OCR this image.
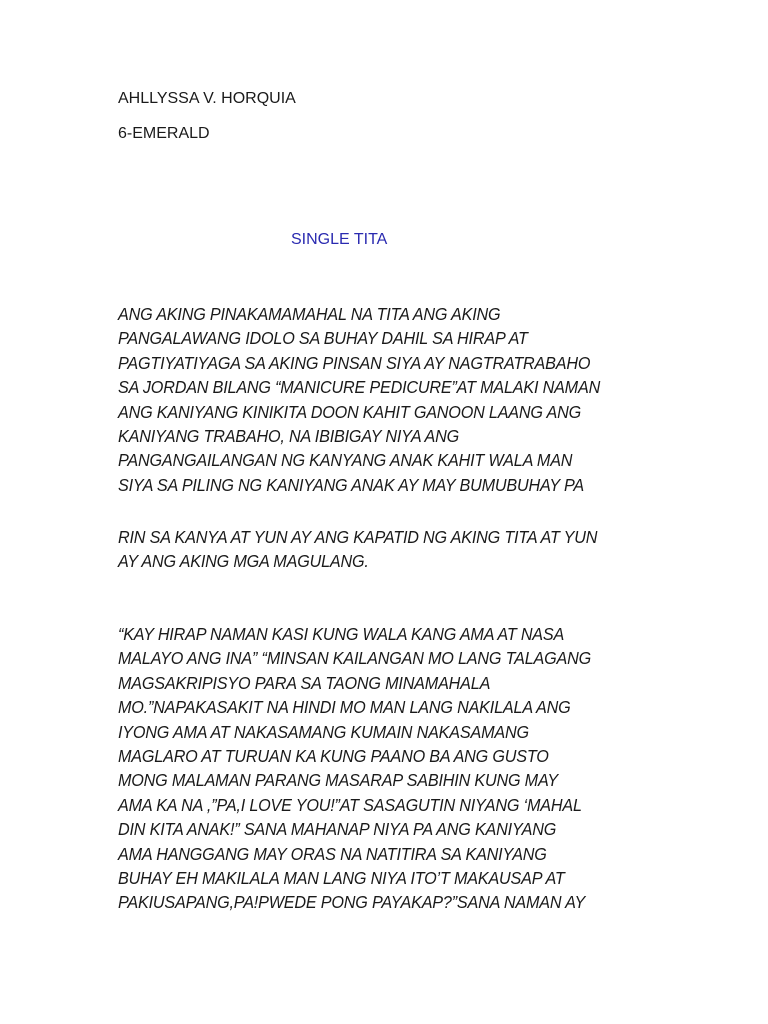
AHLLYSSA V. HORQUIA
6-EMERALD
SINGLE TITA
ANG AKING PINAKAMAMAHAL NA TITA ANG AKING
PANGALAWANG IDOLO SA BUHAY DAHIL SA HIRAP AT
PAGTIYATIYAGA SA AKING PINSAN SIYA AY NAGTRATRABAHO
SA JORDAN BILANG “MANICURE PEDICURE”AT MALAKI NAMAN
ANG KANIYANG KINIKITA DOON KAHIT GANOON LAANG ANG
KANIYANG TRABAHO, NA IBIBIGAY NIYA ANG
PANGANGAILANGAN NG KANYANG ANAK KAHIT WALA MAN
SIYA SA PILING NG KANIYANG ANAK AY MAY BUMUBUHAY PA
RIN SA KANYA AT YUN AY ANG KAPATID NG AKING TITA AT YUN
AY ANG AKING MGA MAGULANG.
“KAY HIRAP NAMAN KASI KUNG WALA KANG AMA AT NASA
MALAYO ANG INA” “MINSAN KAILANGAN MO LANG TALAGANG
MAGSAKRIPISYO PARA SA TAONG MINAMAHALA
MO.”NAPAKASAKIT NA HINDI MO MAN LANG NAKILALA ANG
IYONG AMA AT NAKASAMANG KUMAIN NAKASAMANG
MAGLARO AT TURUAN KA KUNG PAANO BA ANG GUSTO
MONG MALAMAN PARANG MASARAP SABIHIN KUNG MAY
AMA KA NA ,”PA,I LOVE YOU!”AT SASAGUTIN NIYANG ‘MAHAL
DIN KITA ANAK!” SANA MAHANAP NIYA PA ANG KANIYANG
AMA HANGGANG MAY ORAS NA NATITIRA SA KANIYANG
BUHAY EH MAKILALA MAN LANG NIYA ITO’T MAKAUSAP AT
PAKIUSAPANG,PA!PWEDE PONG PAYAKAP?”SANA NAMAN AY
